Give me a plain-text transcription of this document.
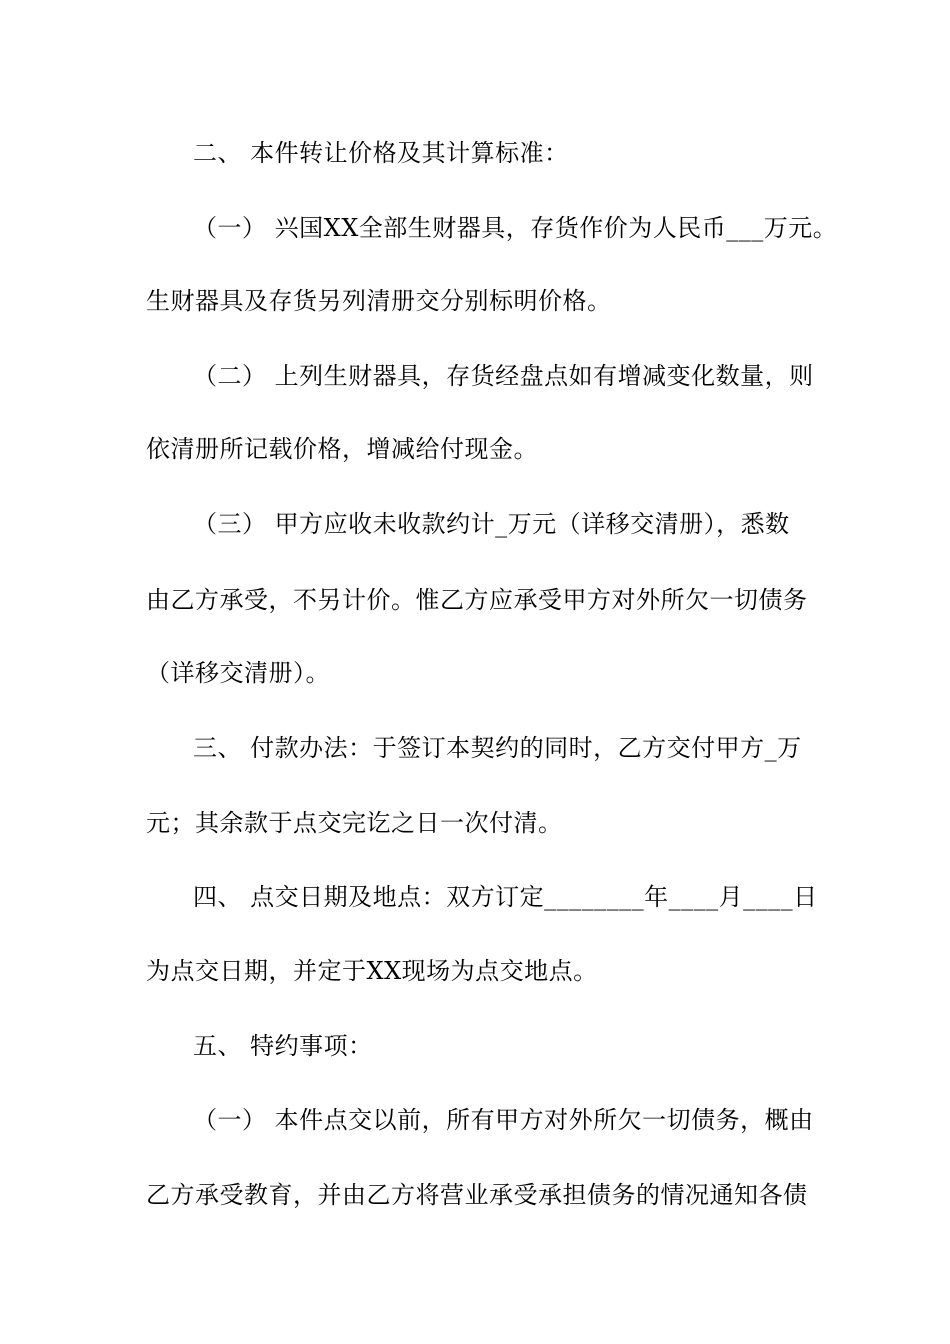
二、 本件转让价格及其计算标准：
（一） 兴国XX全部生财器具，存货作价为人民币___万元。
生财器具及存货另列清册交分别标明价格。
（二） 上列生财器具，存货经盘点如有增减变化数量，则
依清册所记载价格，增减给付现金。
（三） 甲方应收未收款约计_万元（详移交清册），悉数
由乙方承受，不另计价。惟乙方应承受甲方对外所欠一切债务
（详移交清册）。
三、 付款办法：于签订本契约的同时，乙方交付甲方_万
元；其余款于点交完讫之日一次付清。
四、 点交日期及地点：双方订定________年____月____日
为点交日期，并定于XX现场为点交地点。
五、 特约事项：
（一） 本件点交以前，所有甲方对外所欠一切债务，概由
乙方承受教育，并由乙方将营业承受承担债务的情况通知各债
